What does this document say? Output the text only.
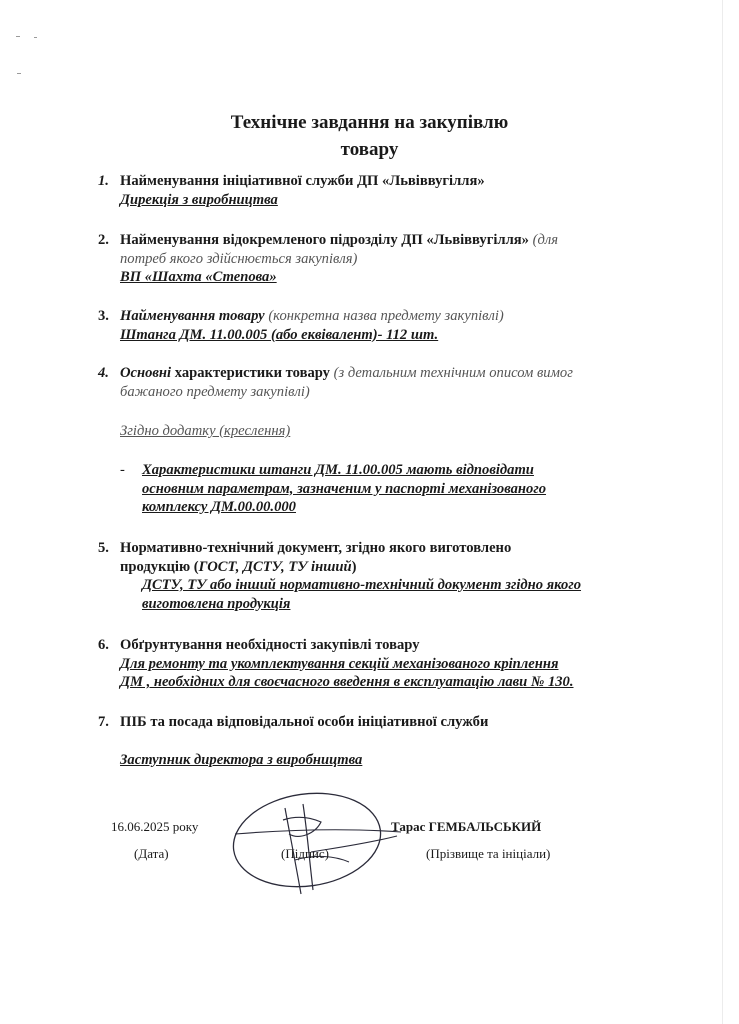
Технічне завдання на закупівлю
товару
1. Найменування ініціативної служби ДП «Львіввугілля»
Дирекція з виробництва
2. Найменування відокремленого підрозділу ДП «Львіввугілля» (для
потреб якого здійснюється закупівля)
ВП «Шахта «Степова»
3. Найменування товару (конкретна назва предмету закупівлі)
Штанга ДМ. 11.00.005 (або еквівалент)- 112 шт.
4. Основні характеристики товару (з детальним технічним описом вимог
бажаного предмету закупівлі)
Згідно додатку (креслення)
- Характеристики штанги ДМ. 11.00.005 мають відповідати
основним параметрам, зазначеним у паспорті механізованого
комплексу ДМ.00.00.000
5. Нормативно-технічний документ, згідно якого виготовлено
продукцію (ГОСТ, ДСТУ, ТУ інший)
ДСТУ, ТУ або інший нормативно-технічний документ згідно якого
виготовлена продукція
6. Обґрунтування необхідності закупівлі товару
Для ремонту та укомплектування секцій механізованого кріплення
ДМ , необхідних для своєчасного введення в експлуатацію лави № 130.
7. ПІБ та посада відповідальної особи ініціативної служби
Заступник директора з виробництва
16.06.2025 року	Тарас ГЕМБАЛЬСЬКИЙ
(Дата)	(Підпис)	(Прізвище та ініціали)
